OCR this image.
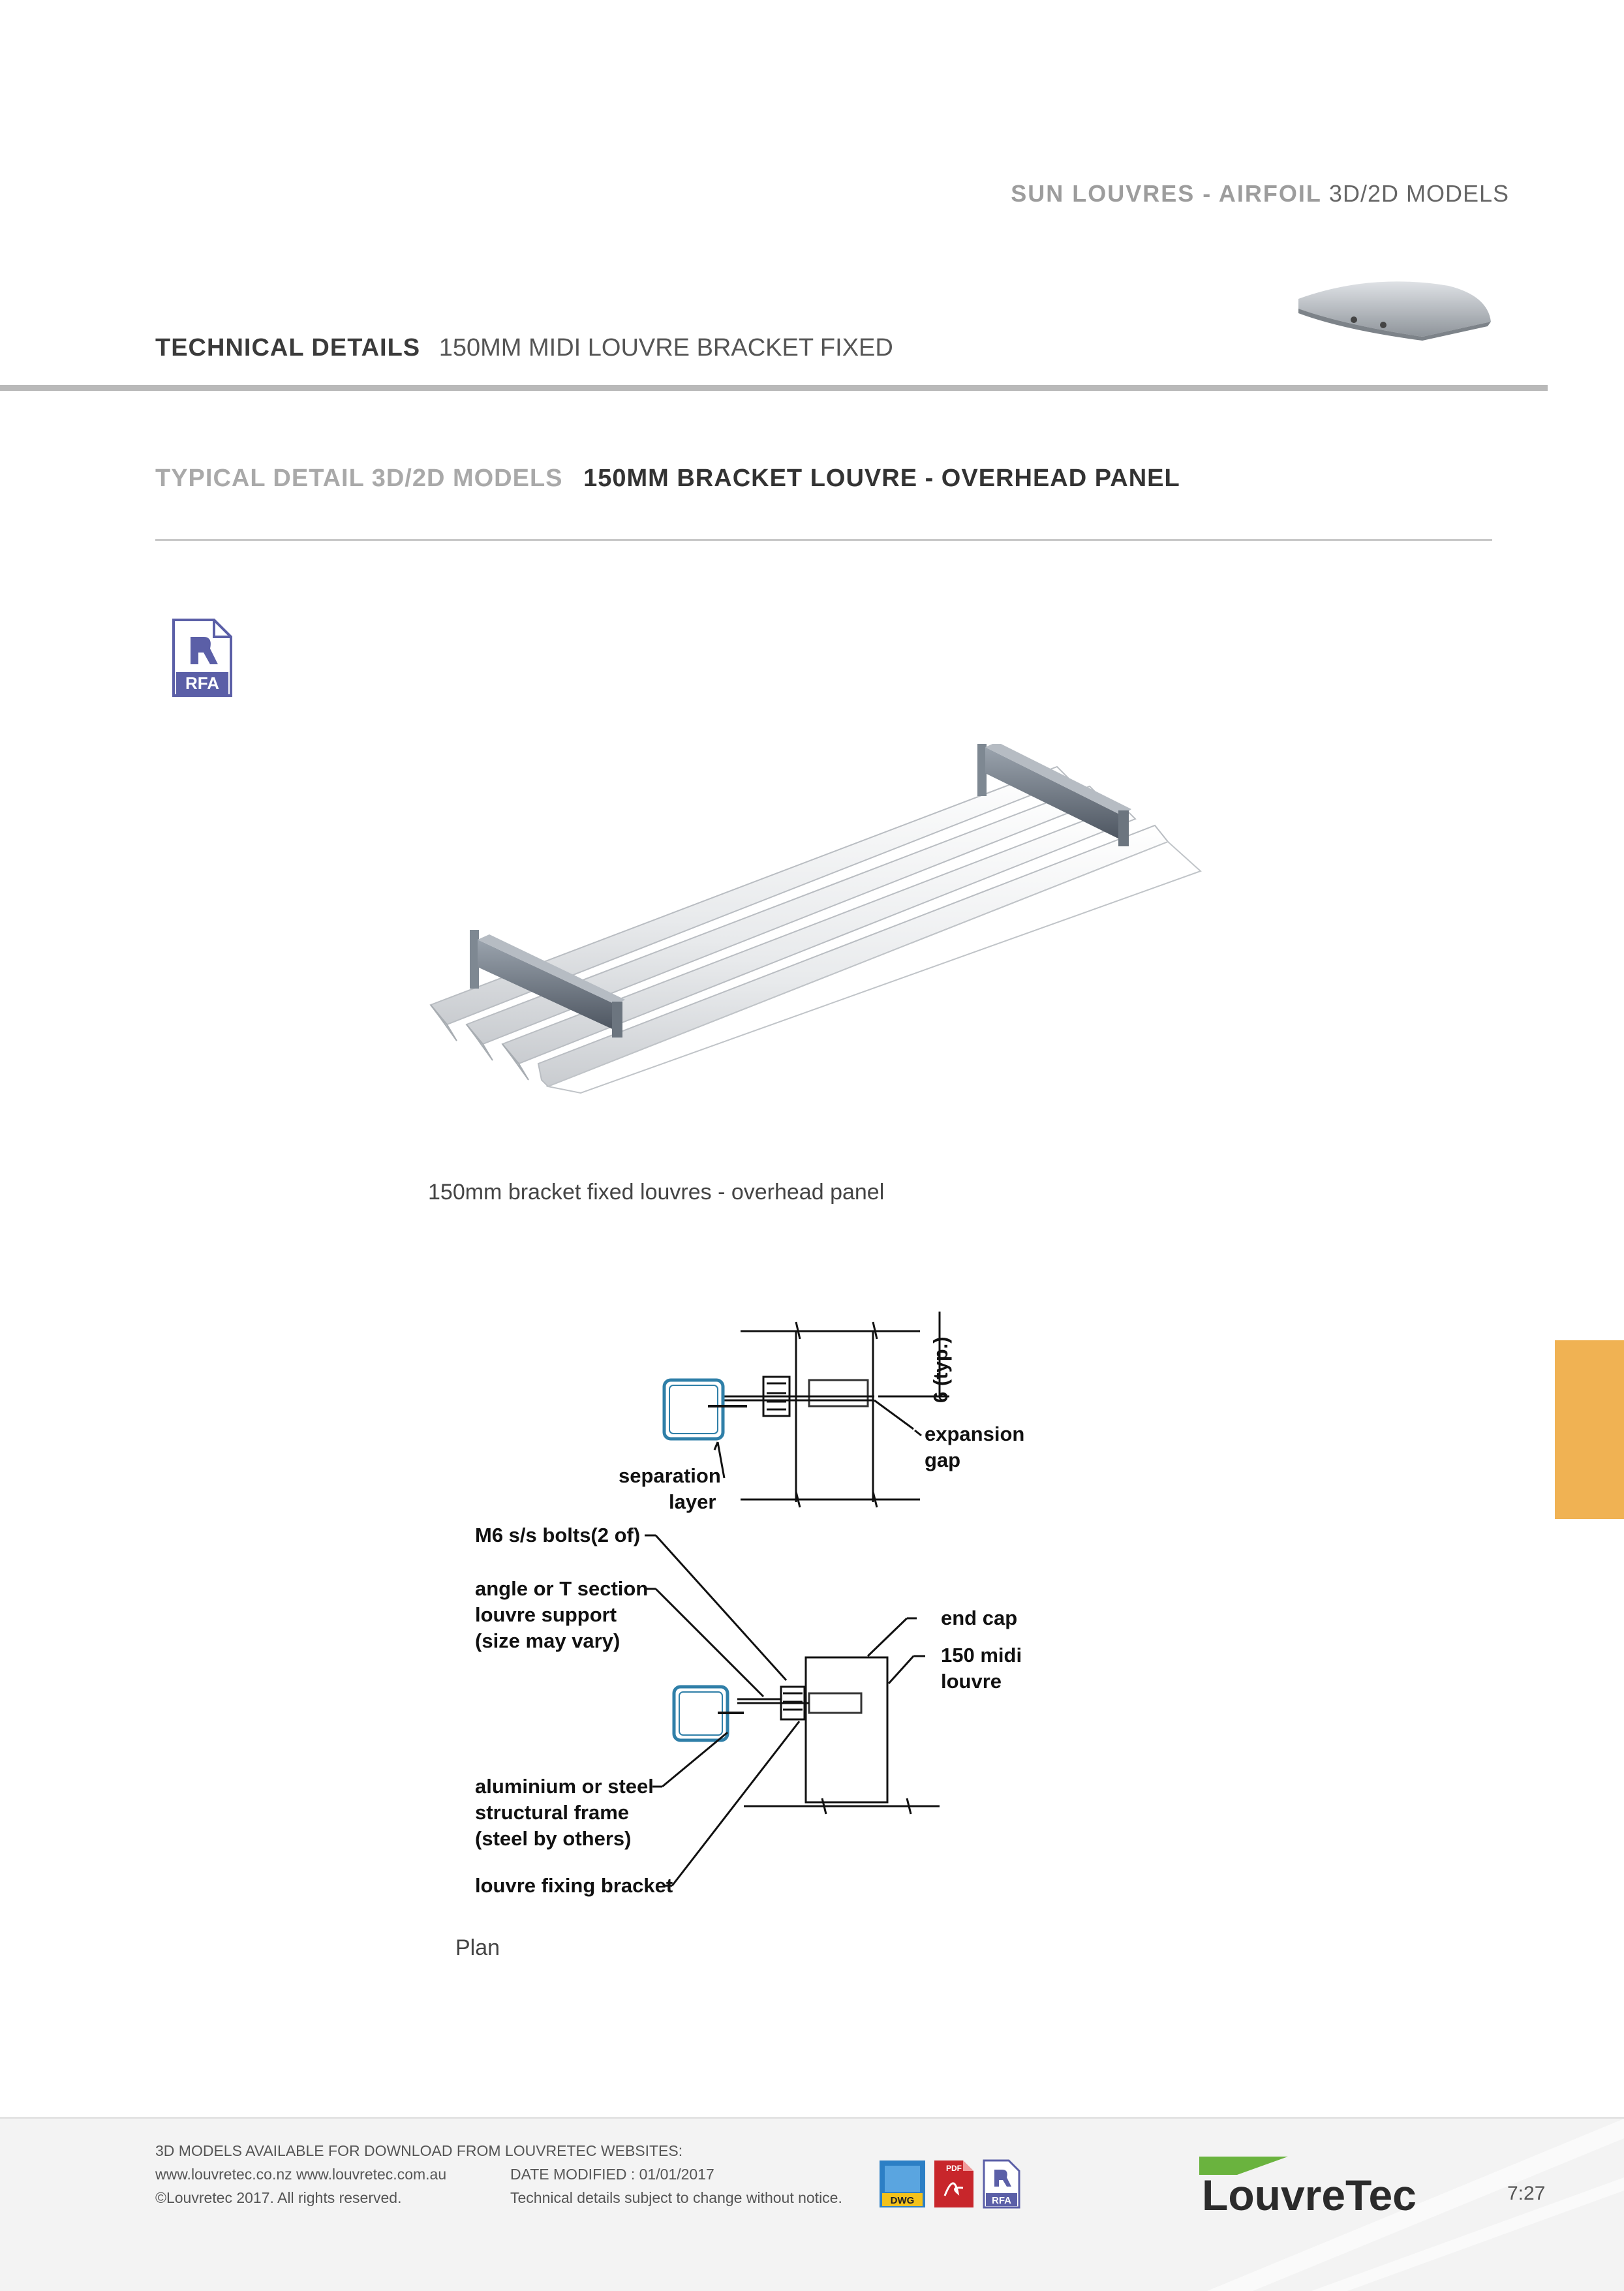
SUN LOUVRES - AIRFOIL 3D/2D MODELS
TECHNICAL DETAILS 150MM MIDI LOUVRE BRACKET FIXED
TYPICAL DETAIL 3D/2D MODELS 150MM BRACKET LOUVRE - OVERHEAD PANEL
RFA
150mm bracket fixed louvres - overhead panel
6 (typ.)
expansion
gap
separation
layer
M6 s/s bolts(2 of)
angle or T section
louvre support
(size may vary)
end cap
150 midi
louvre
aluminium or steel
structural frame
(steel by others)
louvre fixing bracket
Plan
3D MODELS AVAILABLE FOR DOWNLOAD FROM LOUVRETEC WEBSITES:
www.louvretec.co.nz www.louvretec.com.au
©Louvretec 2017. All rights reserved.
DATE MODIFIED : 01/01/2017
Technical details subject to change without notice.	DWG
PDF
RFA	LouvreTec	7:27
